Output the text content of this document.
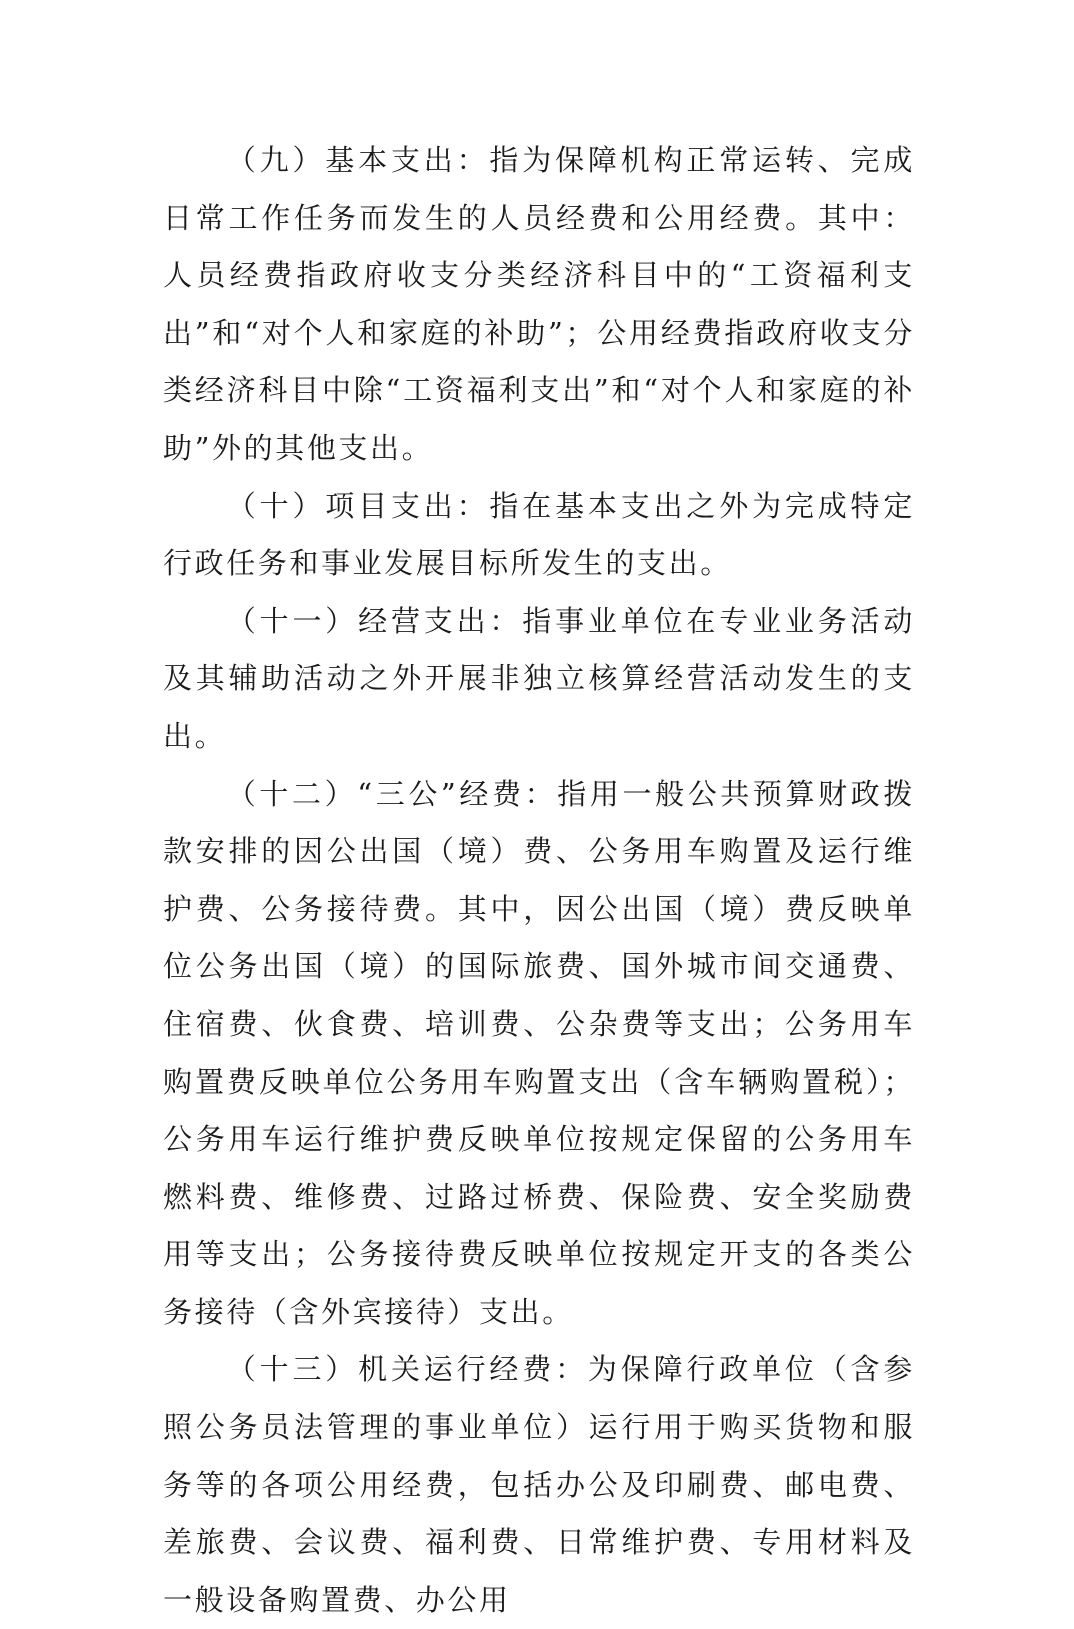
（九）基本支出：指为保障机构正常运转、完成日常工作任务而发生的人员经费和公用经费。其中：人员经费指政府收支分类经济科目中的“工资福利支出”和“对个人和家庭的补助”；公用经费指政府收支分类经济科目中除“工资福利支出”和“对个人和家庭的补助”外的其他支出。

（十）项目支出：指在基本支出之外为完成特定行政任务和事业发展目标所发生的支出。

（十一）经营支出：指事业单位在专业业务活动及其辅助活动之外开展非独立核算经营活动发生的支出。

（十二）“三公”经费：指用一般公共预算财政拨款安排的因公出国（境）费、公务用车购置及运行维护费、公务接待费。其中，因公出国（境）费反映单位公务出国（境）的国际旅费、国外城市间交通费、住宿费、伙食费、培训费、公杂费等支出；公务用车购置费反映单位公务用车购置支出（含车辆购置税）；公务用车运行维护费反映单位按规定保留的公务用车燃料费、维修费、过路过桥费、保险费、安全奖励费用等支出；公务接待费反映单位按规定开支的各类公务接待（含外宾接待）支出。

（十三）机关运行经费：为保障行政单位（含参照公务员法管理的事业单位）运行用于购买货物和服务等的各项公用经费，包括办公及印刷费、邮电费、差旅费、会议费、福利费、日常维护费、专用材料及一般设备购置费、办公用
